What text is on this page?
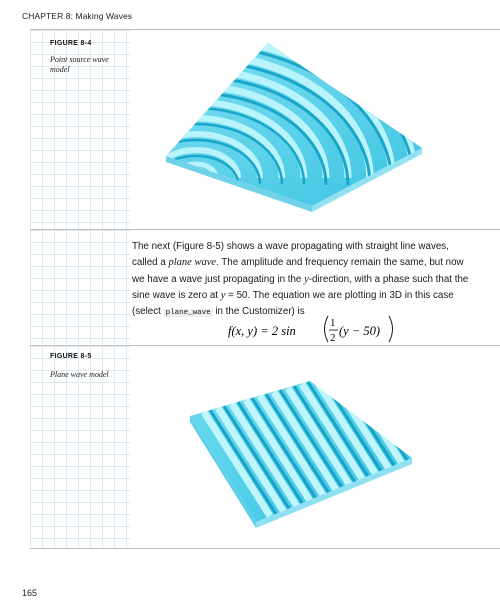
CHAPTER 8: Making Waves
FIGURE 8-4
Point source wave model
The next (Figure 8-5) shows a wave propagating with straight line waves, called a plane wave. The amplitude and frequency remain the same, but now we have a wave just propagating in the y-direction, with a phase such that the sine wave is zero at y = 50. The equation we are plotting in 3D in this case (select plane_wave in the Customizer) is
f(x, y) = 2 sin
1
2 (y − 50)
FIGURE 8-5
Plane wave model
165
